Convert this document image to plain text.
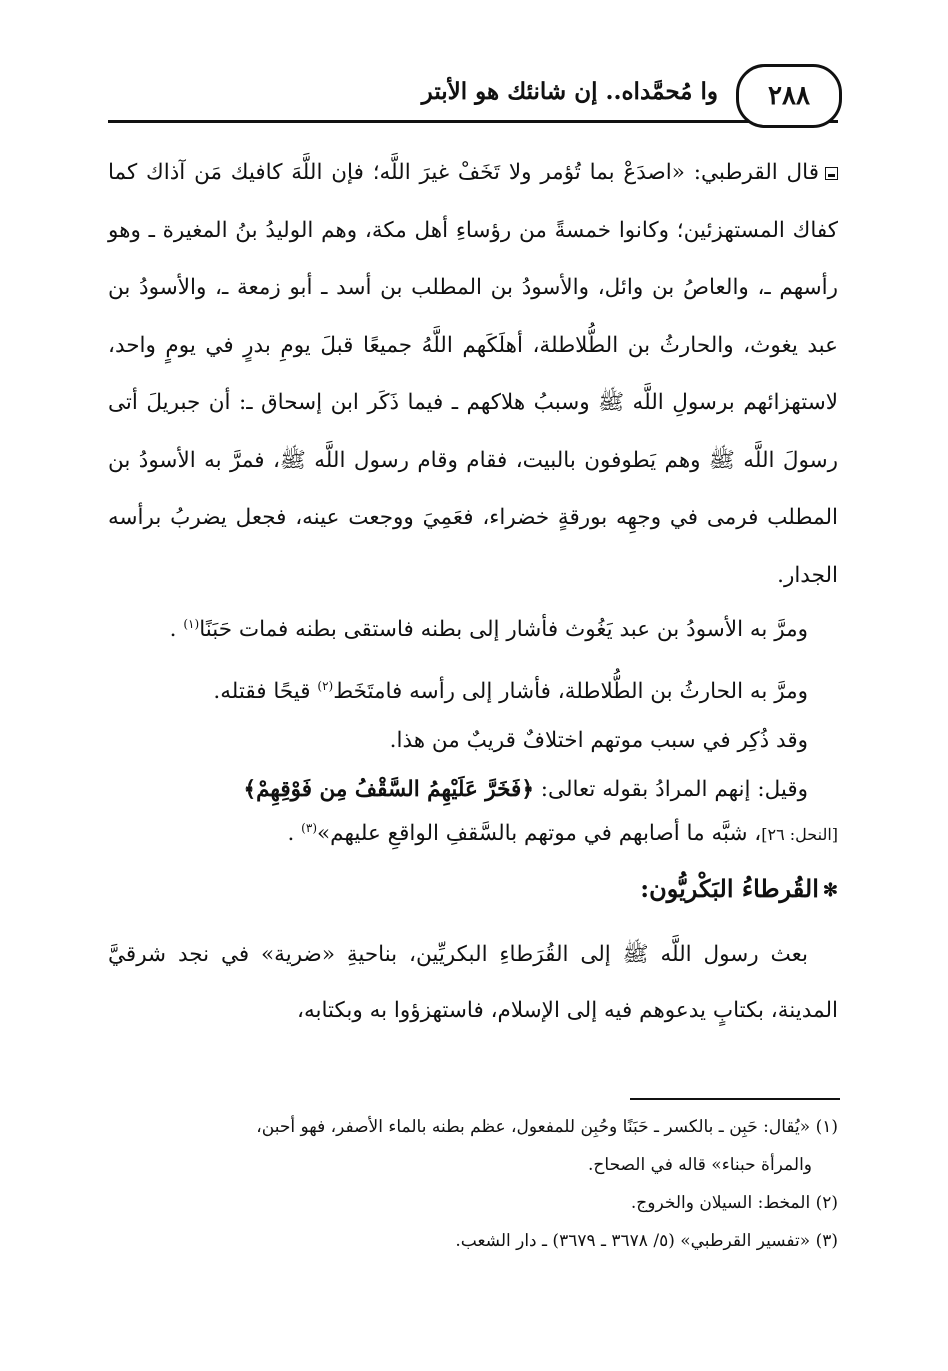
٢٨٨
وا مُحمَّداه.. إن شانئك هو الأبتر

قال القرطبي: «اصدَعْ بما تُؤمر ولا تَخَفْ غيرَ اللَّه؛ فإن اللَّهَ كافيك مَن آذاك كما كفاك المستهزئين؛ وكانوا خمسةً من رؤساءِ أهل مكة، وهم الوليدُ بنُ المغيرة ـ وهو رأسهم ـ، والعاصُ بن وائل، والأسودُ بن المطلب بن أسد ـ أبو زمعة ـ، والأسودُ بن عبد يغوث، والحارثُ بن الطُّلاطلة، أهلَكَهم اللَّهُ جميعًا قبلَ يومِ بدرٍ في يومٍ واحد، لاستهزائهم برسولِ اللَّه ﷺ وسببُ هلاكهم ـ فيما ذَكَر ابن إسحاق ـ: أن جبريلَ أتى رسولَ اللَّه ﷺ وهم يَطوفون بالبيت، فقام وقام رسول اللَّه ﷺ، فمرَّ به الأسودُ بن المطلب فرمى في وجهِه بورقةٍ خضراء، فعَمِيَ ووجعت عينه، فجعل يضربُ برأسه الجدار.

ومرَّ به الأسودُ بن عبد يَغُوث فأشار إلى بطنه فاستقى بطنه فمات حَبَنًا$^{(١)}$ .

ومرَّ به الحارثُ بن الطُّلاطلة، فأشار إلى رأسه فامتَخَط$^{(٢)}$ قيحًا فقتله.

وقد ذُكِر في سبب موتهم اختلافٌ قريبٌ من هذا.

وقيل: إنهم المرادُ بقوله تعالى: ﴿فَخَرَّ عَلَيْهِمُ السَّقْفُ مِن فَوْقِهِمْ﴾
[النحل: ٢٦]، شبَّه ما أصابهم في موتهم بالسَّقفِ الواقعِ عليهم»$^{(٣)}$ .

✻القُرطاءُ البَكْريُّون:

بعث رسول اللَّه ﷺ إلى القُرَطاءِ البكريِّين، بناحيةِ «ضرية» في نجد شرقيَّ المدينة، بكتابٍ يدعوهم فيه إلى الإسلام، فاستهزؤوا به وبكتابه،

(١) «يُقال: حَبِن ـ بالكسر ـ حَبَنًا وحُبِن للمفعول، عظم بطنه بالماء الأصفر، فهو أحبن،

والمرأة حبناء» قاله في الصحاح.

(٢) المخط: السيلان والخروج.

(٣) «تفسير القرطبي» (٥/ ٣٦٧٨ ـ ٣٦٧٩) ـ دار الشعب.
